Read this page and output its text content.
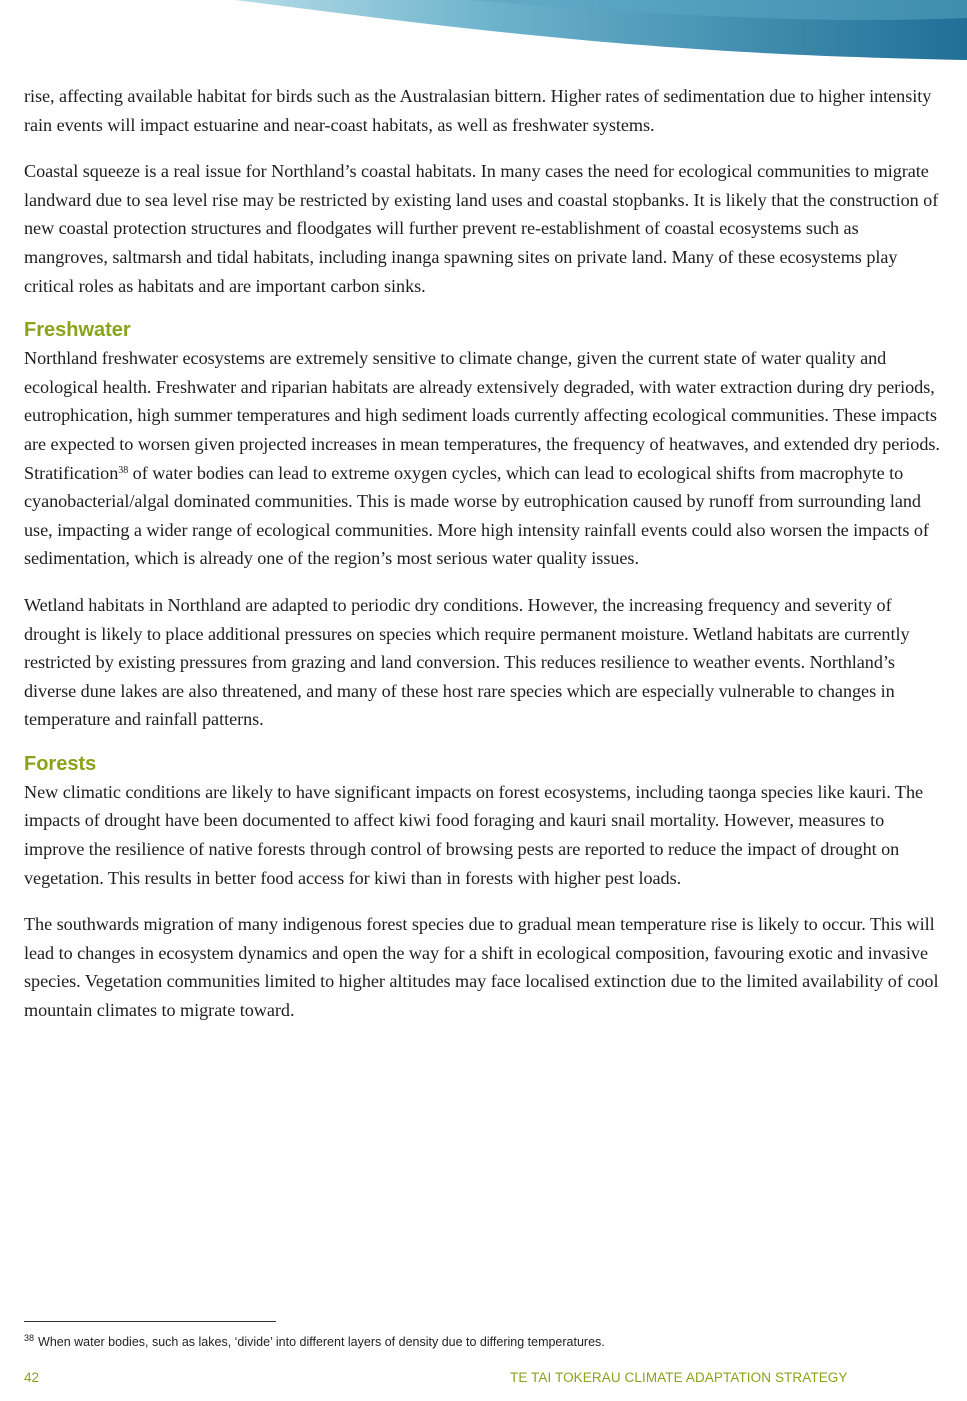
rise, affecting available habitat for birds such as the Australasian bittern. Higher rates of sedimentation due to higher intensity rain events will impact estuarine and near-coast habitats, as well as freshwater systems.

Coastal squeeze is a real issue for Northland’s coastal habitats. In many cases the need for ecological communities to migrate landward due to sea level rise may be restricted by existing land uses and coastal stopbanks. It is likely that the construction of new coastal protection structures and floodgates will further prevent re-establishment of coastal ecosystems such as mangroves, saltmarsh and tidal habitats, including inanga spawning sites on private land. Many of these ecosystems play critical roles as habitats and are important carbon sinks.

Freshwater

Northland freshwater ecosystems are extremely sensitive to climate change, given the current state of water quality and ecological health. Freshwater and riparian habitats are already extensively degraded, with water extraction during dry periods, eutrophication, high summer temperatures and high sediment loads currently affecting ecological communities. These impacts are expected to worsen given projected increases in mean temperatures, the frequency of heatwaves, and extended dry periods. Stratification$^{38}$ of water bodies can lead to extreme oxygen cycles, which can lead to ecological shifts from macrophyte to cyanobacterial/algal dominated communities. This is made worse by eutrophication caused by runoff from surrounding land use, impacting a wider range of ecological communities. More high intensity rainfall events could also worsen the impacts of sedimentation, which is already one of the region’s most serious water quality issues.

Wetland habitats in Northland are adapted to periodic dry conditions. However, the increasing frequency and severity of drought is likely to place additional pressures on species which require permanent moisture. Wetland habitats are currently restricted by existing pressures from grazing and land conversion. This reduces resilience to weather events. Northland’s diverse dune lakes are also threatened, and many of these host rare species which are especially vulnerable to changes in temperature and rainfall patterns.

Forests

New climatic conditions are likely to have significant impacts on forest ecosystems, including taonga species like kauri. The impacts of drought have been documented to affect kiwi food foraging and kauri snail mortality. However, measures to improve the resilience of native forests through control of browsing pests are reported to reduce the impact of drought on vegetation. This results in better food access for kiwi than in forests with higher pest loads.

The southwards migration of many indigenous forest species due to gradual mean temperature rise is likely to occur. This will lead to changes in ecosystem dynamics and open the way for a shift in ecological composition, favouring exotic and invasive species. Vegetation communities limited to higher altitudes may face localised extinction due to the limited availability of cool mountain climates to migrate toward.

$^{38}$ When water bodies, such as lakes, ‘divide’ into different layers of density due to differing temperatures.
42	TE TAI TOKERAU CLIMATE ADAPTATION STRATEGY
